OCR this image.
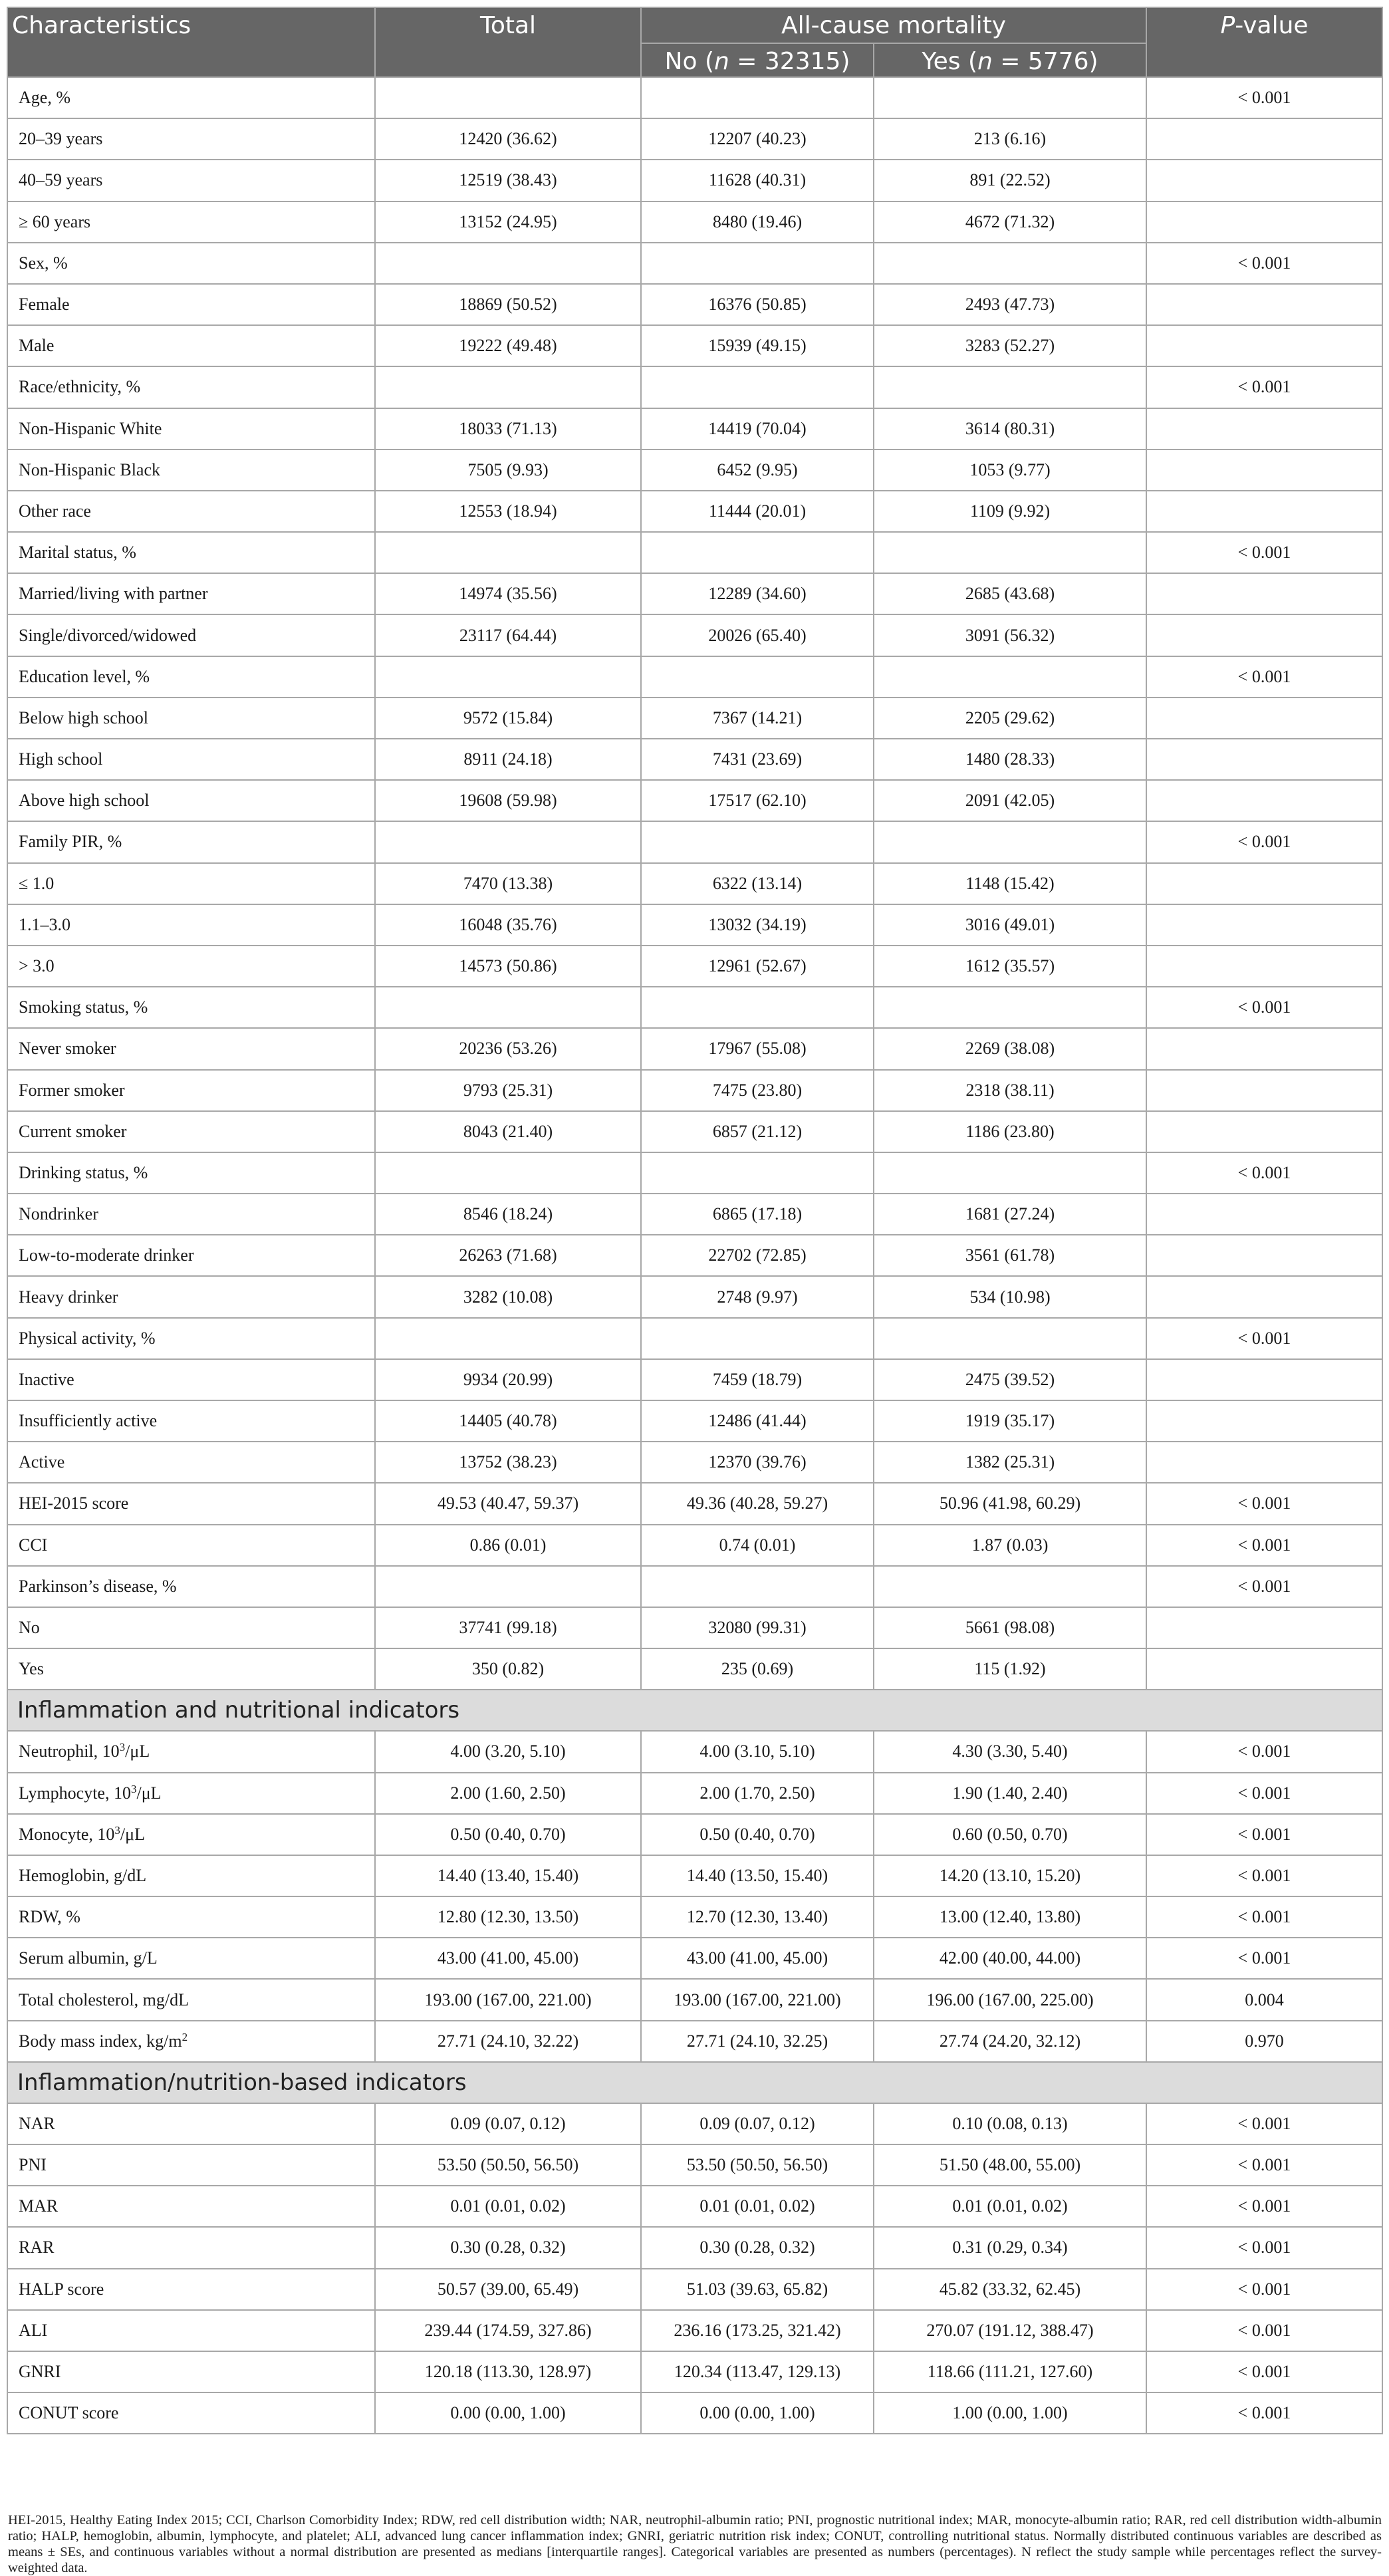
Characteristics	Total	All-cause mortality		P-value
		No (n = 32315)	Yes (n = 5776)	
Age, %				< 0.001
20–39 years	12420 (36.62)	12207 (40.23)	213 (6.16)	
40–59 years	12519 (38.43)	11628 (40.31)	891 (22.52)	
≥ 60 years	13152 (24.95)	8480 (19.46)	4672 (71.32)	
Sex, %				< 0.001
Female	18869 (50.52)	16376 (50.85)	2493 (47.73)	
Male	19222 (49.48)	15939 (49.15)	3283 (52.27)	
Race/ethnicity, %				< 0.001
Non-Hispanic White	18033 (71.13)	14419 (70.04)	3614 (80.31)	
Non-Hispanic Black	7505 (9.93)	6452 (9.95)	1053 (9.77)	
Other race	12553 (18.94)	11444 (20.01)	1109 (9.92)	
Marital status, %				< 0.001
Married/living with partner	14974 (35.56)	12289 (34.60)	2685 (43.68)	
Single/divorced/widowed	23117 (64.44)	20026 (65.40)	3091 (56.32)	
Education level, %				< 0.001
Below high school	9572 (15.84)	7367 (14.21)	2205 (29.62)	
High school	8911 (24.18)	7431 (23.69)	1480 (28.33)	
Above high school	19608 (59.98)	17517 (62.10)	2091 (42.05)	
Family PIR, %				< 0.001
≤ 1.0	7470 (13.38)	6322 (13.14)	1148 (15.42)	
1.1–3.0	16048 (35.76)	13032 (34.19)	3016 (49.01)	
> 3.0	14573 (50.86)	12961 (52.67)	1612 (35.57)	
Smoking status, %				< 0.001
Never smoker	20236 (53.26)	17967 (55.08)	2269 (38.08)	
Former smoker	9793 (25.31)	7475 (23.80)	2318 (38.11)	
Current smoker	8043 (21.40)	6857 (21.12)	1186 (23.80)	
Drinking status, %				< 0.001
Nondrinker	8546 (18.24)	6865 (17.18)	1681 (27.24)	
Low-to-moderate drinker	26263 (71.68)	22702 (72.85)	3561 (61.78)	
Heavy drinker	3282 (10.08)	2748 (9.97)	534 (10.98)	
Physical activity, %				< 0.001
Inactive	9934 (20.99)	7459 (18.79)	2475 (39.52)	
Insufficiently active	14405 (40.78)	12486 (41.44)	1919 (35.17)	
Active	13752 (38.23)	12370 (39.76)	1382 (25.31)	
HEI-2015 score	49.53 (40.47, 59.37)	49.36 (40.28, 59.27)	50.96 (41.98, 60.29)	< 0.001
CCI	0.86 (0.01)	0.74 (0.01)	1.87 (0.03)	< 0.001
Parkinson’s disease, %				< 0.001
No	37741 (99.18)	32080 (99.31)	5661 (98.08)	
Yes	350 (0.82)	235 (0.69)	115 (1.92)	
Inflammation and nutritional indicators				
Neutrophil, $10^3/\mu L$	4.00 (3.20, 5.10)	4.00 (3.10, 5.10)	4.30 (3.30, 5.40)	< 0.001
Lymphocyte, $10^3/\mu L$	2.00 (1.60, 2.50)	2.00 (1.70, 2.50)	1.90 (1.40, 2.40)	< 0.001
Monocyte, $10^3/\mu L$	0.50 (0.40, 0.70)	0.50 (0.40, 0.70)	0.60 (0.50, 0.70)	< 0.001
Hemoglobin, g/dL	14.40 (13.40, 15.40)	14.40 (13.50, 15.40)	14.20 (13.10, 15.20)	< 0.001
RDW, %	12.80 (12.30, 13.50)	12.70 (12.30, 13.40)	13.00 (12.40, 13.80)	< 0.001
Serum albumin, g/L	43.00 (41.00, 45.00)	43.00 (41.00, 45.00)	42.00 (40.00, 44.00)	< 0.001
Total cholesterol, mg/dL	193.00 (167.00, 221.00)	193.00 (167.00, 221.00)	196.00 (167.00, 225.00)	0.004
Body mass index, $kg/m^2$	27.71 (24.10, 32.22)	27.71 (24.10, 32.25)	27.74 (24.20, 32.12)	0.970
Inflammation/nutrition-based indicators				
NAR	0.09 (0.07, 0.12)	0.09 (0.07, 0.12)	0.10 (0.08, 0.13)	< 0.001
PNI	53.50 (50.50, 56.50)	53.50 (50.50, 56.50)	51.50 (48.00, 55.00)	< 0.001
MAR	0.01 (0.01, 0.02)	0.01 (0.01, 0.02)	0.01 (0.01, 0.02)	< 0.001
RAR	0.30 (0.28, 0.32)	0.30 (0.28, 0.32)	0.31 (0.29, 0.34)	< 0.001
HALP score	50.57 (39.00, 65.49)	51.03 (39.63, 65.82)	45.82 (33.32, 62.45)	< 0.001
ALI	239.44 (174.59, 327.86)	236.16 (173.25, 321.42)	270.07 (191.12, 388.47)	< 0.001
GNRI	120.18 (113.30, 128.97)	120.34 (113.47, 129.13)	118.66 (111.21, 127.60)	< 0.001
CONUT score	0.00 (0.00, 1.00)	0.00 (0.00, 1.00)	1.00 (0.00, 1.00)	< 0.001
HEI-2015, Healthy Eating Index 2015; CCI, Charlson Comorbidity Index; RDW, red cell distribution width; NAR, neutrophil-albumin ratio; PNI, prognostic nutritional index; MAR, monocyte-albumin ratio; RAR, red cell distribution width-albumin ratio; HALP, hemoglobin, albumin, lymphocyte, and platelet; ALI, advanced lung cancer inflammation index; GNRI, geriatric nutrition risk index; CONUT, controlling nutritional status. Normally distributed continuous variables are described as means ± SEs, and continuous variables without a normal distribution are presented as medians [interquartile ranges]. Categorical variables are presented as numbers (percentages). N reflect the study sample while percentages reflect the survey-weighted data.
